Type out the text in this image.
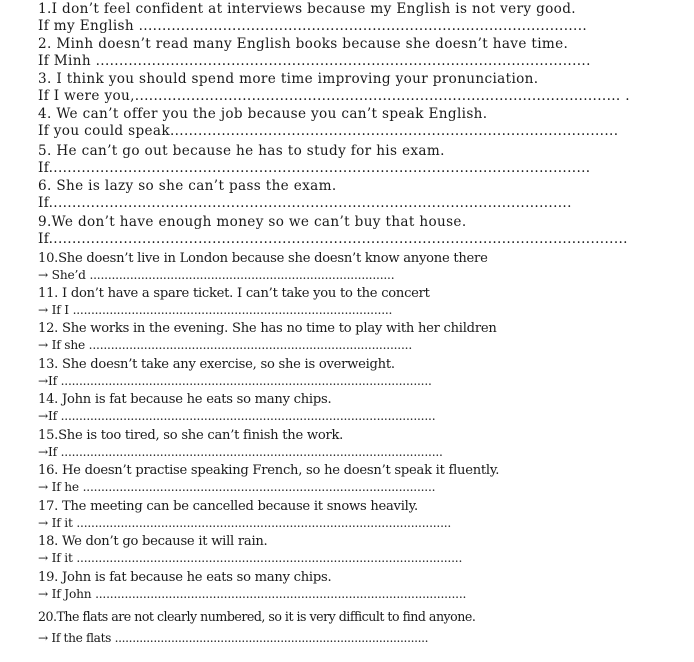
1.I don’t feel confident at interviews because my English is not very good.
If my English ................................................................................................
2. Minh doesn’t read many English books because she doesn’t have time.
If Minh ..........................................................................................................
3. I think you should spend more time improving your pronunciation.
If I were you,........................................................................................................ .
4. We can’t offer you the job because you can’t speak English.
If you could speak................................................................................................
5. He can’t go out because he has to study for his exam.
If....................................................................................................................
6. She is lazy so she can’t pass the exam.
If................................................................................................................
9.We don’t have enough money so we can’t buy that house.
If............................................................................................................................
10.She doesn’t live in London because she doesn’t know anyone there
→ She’d ...................................................................................
11. I don’t have a spare ticket. I can’t take you to the concert
→ If I .......................................................................................
12. She works in the evening. She has no time to play with her children
→ If she ........................................................................................
13. She doesn’t take any exercise, so she is overweight.
→If .....................................................................................................
14. John is fat because he eats so many chips.
→If ......................................................................................................
15.She is too tired, so she can’t finish the work.
→If ........................................................................................................
16. He doesn’t practise speaking French, so he doesn’t speak it fluently.
→ If he ................................................................................................
17. The meeting can be cancelled because it snows heavily.
→ If it ......................................................................................................
18. We don’t go because it will rain.
→ If it .........................................................................................................
19. John is fat because he eats so many chips.
→ If John .....................................................................................................
20.The flats are not clearly numbered, so it is very difficult to find anyone.
→ If the flats .........................................................................................
